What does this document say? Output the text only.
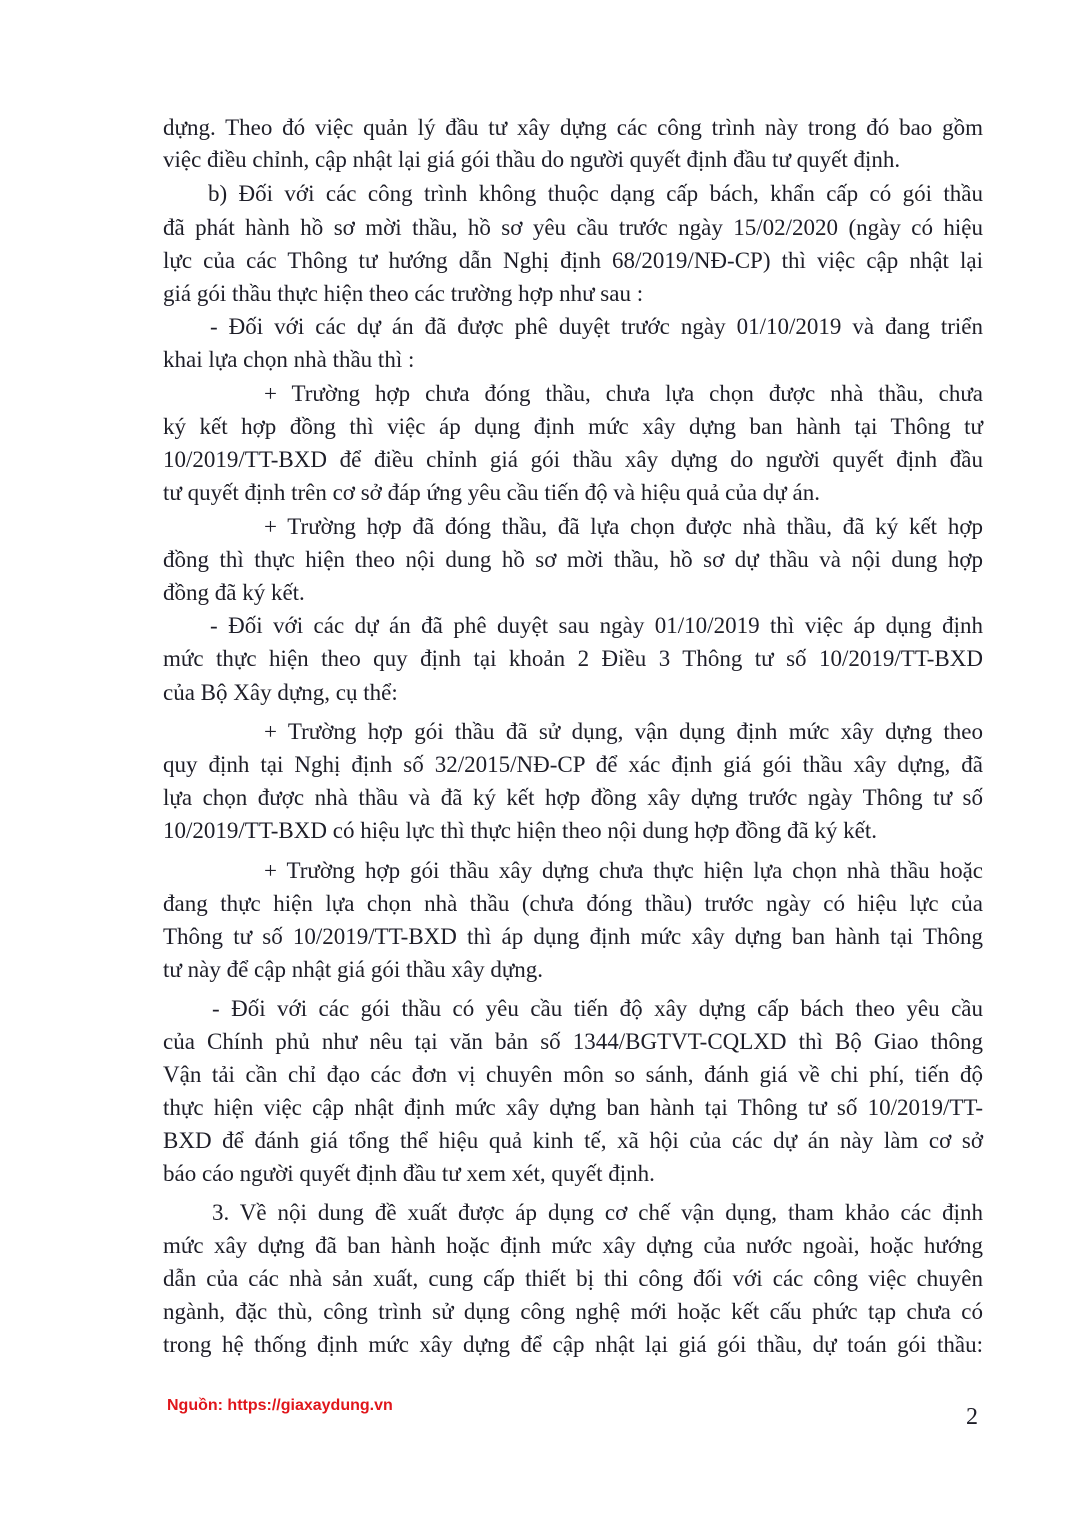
dựng. Theo đó việc quản lý đầu tư xây dựng các công trình này trong đó bao gồm
việc điều chỉnh, cập nhật lại giá gói thầu do người quyết định đầu tư quyết định.
b) Đối với các công trình không thuộc dạng cấp bách, khẩn cấp có gói thầu
đã phát hành hồ sơ mời thầu, hồ sơ yêu cầu trước ngày 15/02/2020 (ngày có hiệu
lực của các Thông tư hướng dẫn Nghị định 68/2019/NĐ-CP) thì việc cập nhật lại
giá gói thầu thực hiện theo các trường hợp như sau :
- Đối với các dự án đã được phê duyệt trước ngày 01/10/2019 và đang triển
khai lựa chọn nhà thầu thì :
+ Trường hợp chưa đóng thầu, chưa lựa chọn được nhà thầu, chưa
ký kết hợp đồng thì việc áp dụng định mức xây dựng ban hành tại Thông tư
10/2019/TT-BXD để điều chỉnh giá gói thầu xây dựng do người quyết định đầu
tư quyết định trên cơ sở đáp ứng yêu cầu tiến độ và hiệu quả của dự án.
+ Trường hợp đã đóng thầu, đã lựa chọn được nhà thầu, đã ký kết hợp
đồng thì thực hiện theo nội dung hồ sơ mời thầu, hồ sơ dự thầu và nội dung hợp
đồng đã ký kết.
- Đối với các dự án đã phê duyệt sau ngày 01/10/2019 thì việc áp dụng định
mức thực hiện theo quy định tại khoản 2 Điều 3 Thông tư số 10/2019/TT-BXD
của Bộ Xây dựng, cụ thể:
+ Trường hợp gói thầu đã sử dụng, vận dụng định mức xây dựng theo
quy định tại Nghị định số 32/2015/NĐ-CP để xác định giá gói thầu xây dựng, đã
lựa chọn được nhà thầu và đã ký kết hợp đồng xây dựng trước ngày Thông tư số
10/2019/TT-BXD có hiệu lực thì thực hiện theo nội dung hợp đồng đã ký kết.
+ Trường hợp gói thầu xây dựng chưa thực hiện lựa chọn nhà thầu hoặc
đang thực hiện lựa chọn nhà thầu (chưa đóng thầu) trước ngày có hiệu lực của
Thông tư số 10/2019/TT-BXD thì áp dụng định mức xây dựng ban hành tại Thông
tư này để cập nhật giá gói thầu xây dựng.
- Đối với các gói thầu có yêu cầu tiến độ xây dựng cấp bách theo yêu cầu
của Chính phủ như nêu tại văn bản số 1344/BGTVT-CQLXD thì Bộ Giao thông
Vận tải cần chỉ đạo các đơn vị chuyên môn so sánh, đánh giá về chi phí, tiến độ
thực hiện việc cập nhật định mức xây dựng ban hành tại Thông tư số 10/2019/TT-
BXD để đánh giá tổng thể hiệu quả kinh tế, xã hội của các dự án này làm cơ sở
báo cáo người quyết định đầu tư xem xét, quyết định.
3. Về nội dung đề xuất được áp dụng cơ chế vận dụng, tham khảo các định
mức xây dựng đã ban hành hoặc định mức xây dựng của nước ngoài, hoặc hướng
dẫn của các nhà sản xuất, cung cấp thiết bị thi công đối với các công việc chuyên
ngành, đặc thù, công trình sử dụng công nghệ mới hoặc kết cấu phức tạp chưa có
trong hệ thống định mức xây dựng để cập nhật lại giá gói thầu, dự toán gói thầu:
Nguồn: https://giaxaydung.vn	2
